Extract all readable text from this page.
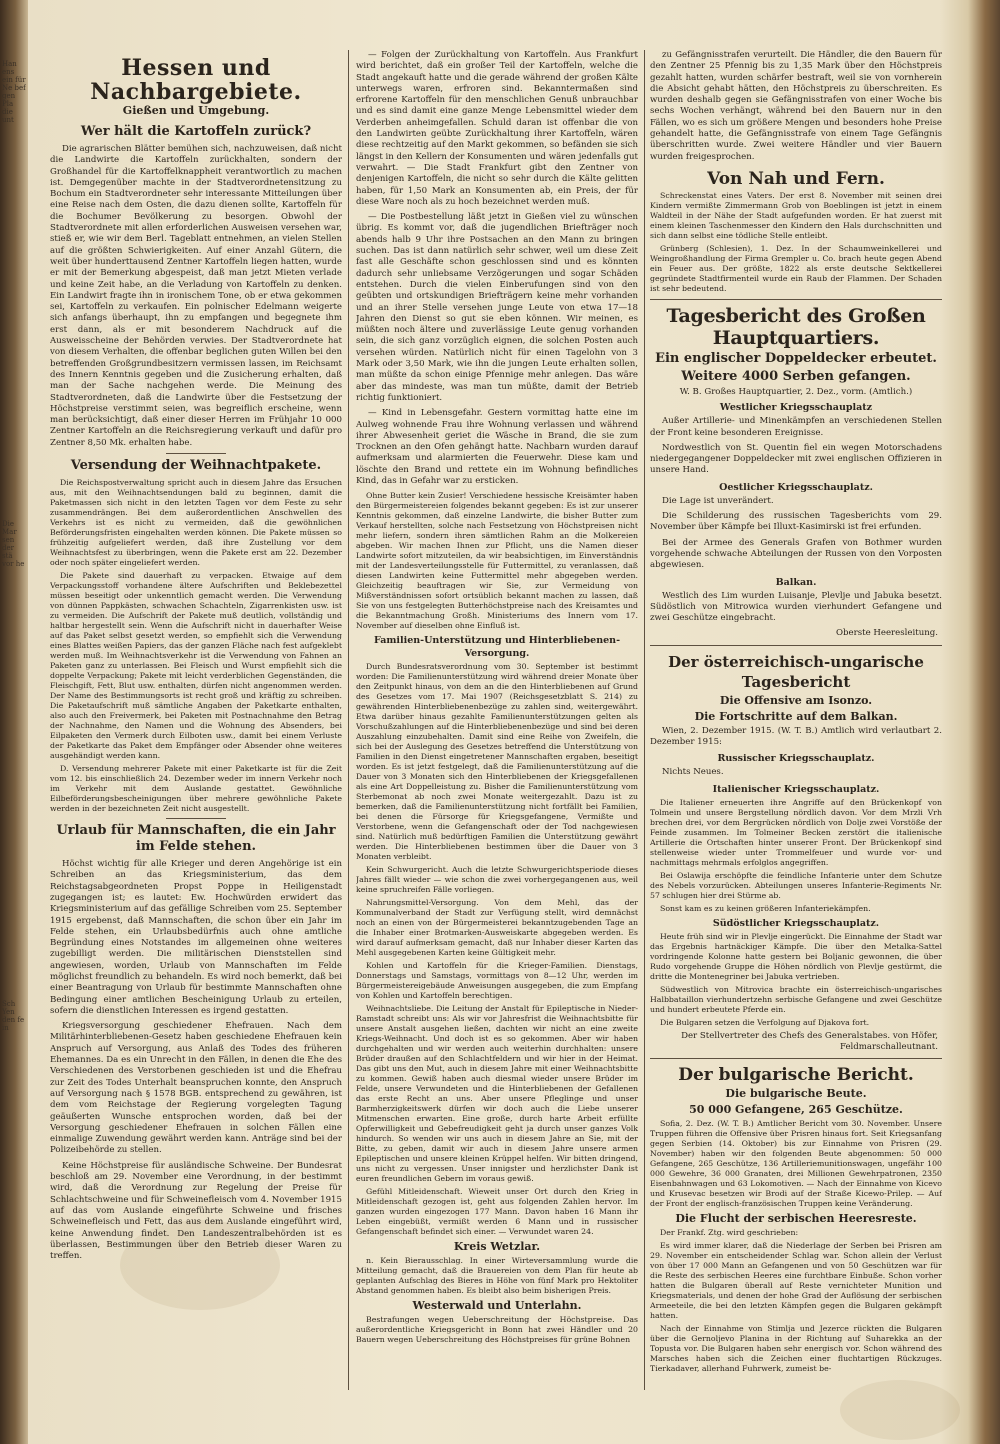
Han ens ein für Ne bef gen Pla die unt
Die Mar sen der stä vor he
Sch Yen den fe in
Hessen und Nachbargebiete.
Gießen und Umgebung.
Wer hält die Kartoffeln zurück?

Die agrarischen Blätter bemühen sich, nachzuweisen, daß nicht die Landwirte die Kartoffeln zurückhalten, sondern der Großhandel für die Kartoffelknappheit verantwortlich zu machen ist. Demgegenüber machte in der Stadtverordnetensitzung zu Bochum ein Stadtverordneter sehr interessante Mitteilungen über eine Reise nach dem Osten, die dazu dienen sollte, Kartoffeln für die Bochumer Bevölkerung zu besorgen. Obwohl der Stadtverordnete mit allen erforderlichen Ausweisen versehen war, stieß er, wie wir dem Berl. Tageblatt entnehmen, an vielen Stellen auf die größten Schwierigkeiten. Auf einer Anzahl Gütern, die weit über hunderttausend Zentner Kartoffeln liegen hatten, wurde er mit der Bemerkung abgespeist, daß man jetzt Mieten verlade und keine Zeit habe, an die Verladung von Kartoffeln zu denken. Ein Landwirt fragte ihn in ironischem Tone, ob er etwa gekommen sei, Kartoffeln zu verkaufen. Ein polnischer Edelmann weigerte sich anfangs überhaupt, ihn zu empfangen und begegnete ihm erst dann, als er mit besonderem Nachdruck auf die Ausweisscheine der Behörden verwies. Der Stadtverordnete hat von diesem Verhalten, die offenbar beglichen guten Willen bei den betreffenden Großgrundbesitzern vermissen lassen, im Reichsamt des Innern Kenntnis gegeben und die Zusicherung erhalten, daß man der Sache nachgehen werde. Die Meinung des Stadtverordneten, daß die Landwirte über die Festsetzung der Höchstpreise verstimmt seien, was begreiflich erscheine, wenn man berücksichtigt, daß einer dieser Herren im Frühjahr 10 000 Zentner Kartoffeln an die Reichsregierung verkauft und dafür pro Zentner 8,50 Mk. erhalten habe.

Versendung der Weihnachtpakete.

Die Reichspostverwaltung spricht auch in diesem Jahre das Ersuchen aus, mit den Weihnachtsendungen bald zu beginnen, damit die Paketmassen sich nicht in den letzten Tagen vor dem Feste zu sehr zusammendrängen. Bei dem außerordentlichen Anschwellen des Verkehrs ist es nicht zu vermeiden, daß die gewöhnlichen Beförderungsfristen eingehalten werden können. Die Pakete müssen so frühzeitig aufgeliefert werden, daß ihre Zustellung vor dem Weihnachtsfest zu überbringen, wenn die Pakete erst am 22. Dezember oder noch später eingeliefert werden.

Die Pakete sind dauerhaft zu verpacken. Etwaige auf dem Verpackungsstoff vorhandene ältere Aufschriften und Beklebezettel müssen beseitigt oder unkenntlich gemacht werden. Die Verwendung von dünnen Pappkästen, schwachen Schachteln, Zigarrenkisten usw. ist zu vermeiden. Die Aufschrift der Pakete muß deutlich, vollständig und haltbar hergestellt sein. Wenn die Aufschrift nicht in dauerhafter Weise auf das Paket selbst gesetzt werden, so empfiehlt sich die Verwendung eines Blattes weißen Papiers, das der ganzen Fläche nach fest aufgeklebt werden muß. Im Weihnachtsverkehr ist die Verwendung von Fahnen an Paketen ganz zu unterlassen. Bei Fleisch und Wurst empfiehlt sich die doppelte Verpackung; Pakete mit leicht verderblichen Gegenständen, die Fleischgift, Fett, Blut usw. enthalten, dürfen nicht angenommen werden. Der Name des Bestimmungsorts ist recht groß und kräftig zu schreiben. Die Paketaufschrift muß sämtliche Angaben der Paketkarte enthalten, also auch den Freivermerk, bei Paketen mit Postnachnahme den Betrag der Nachnahme, den Namen und die Wohnung des Absenders, bei Eilpaketen den Vermerk durch Eilboten usw., damit bei einem Verluste der Paketkarte das Paket dem Empfänger oder Absender ohne weiteres ausgehändigt werden kann.

D. Versendung mehrerer Pakete mit einer Paketkarte ist für die Zeit vom 12. bis einschließlich 24. Dezember weder im innern Verkehr noch im Verkehr mit dem Auslande gestattet. Gewöhnliche Eilbeförderungsbescheinigungen über mehrere gewöhnliche Pakete werden in der bezeichneten Zeit nicht ausgestellt.

Urlaub für Mannschaften, die ein Jahr im Felde stehen.

Höchst wichtig für alle Krieger und deren Angehörige ist ein Schreiben an das Kriegsministerium, das dem Reichstagsabgeordneten Propst Poppe in Heiligenstadt zugegangen ist; es lautet: Ew. Hochwürden erwidert das Kriegsministerium auf das gefällige Schreiben vom 25. September 1915 ergebenst, daß Mannschaften, die schon über ein Jahr im Felde stehen, ein Urlaubsbedürfnis auch ohne amtliche Begründung eines Notstandes im allgemeinen ohne weiteres zugebilligt werden. Die militärischen Dienststellen sind angewiesen, worden, Urlaub von Mannschaften im Felde möglichst freundlich zu behandeln. Es wird noch bemerkt, daß bei einer Beantragung von Urlaub für bestimmte Mannschaften ohne Bedingung einer amtlichen Bescheinigung Urlaub zu erteilen, sofern die dienstlichen Interessen es irgend gestatten.

Kriegsversorgung geschiedener Ehefrauen. Nach dem Militärhinterbliebenen-Gesetz haben geschiedene Ehefrauen kein Anspruch auf Versorgung, aus Anlaß des Todes des früheren Ehemannes. Da es ein Unrecht in den Fällen, in denen die Ehe des Verschiedenen des Verstorbenen geschieden ist und die Ehefrau zur Zeit des Todes Unterhalt beanspruchen konnte, den Anspruch auf Versorgung nach § 1578 BGB. entsprechend zu gewähren, ist dem vom Reichstage der Regierung vorgelegten Tagung geäußerten Wunsche entsprochen worden, daß bei der Versorgung geschiedener Ehefrauen in solchen Fällen eine einmalige Zuwendung gewährt werden kann. Anträge sind bei der Polizeibehörde zu stellen.

Keine Höchstpreise für ausländische Schweine. Der Bundesrat beschloß am 29. November eine Verordnung, in der bestimmt wird, daß die Verordnung zur Regelung der Preise für Schlachtschweine und für Schweinefleisch vom 4. November 1915 auf das vom Auslande eingeführte Schweine und frisches Schweinefleisch und Fett, das aus dem Auslande eingeführt wird, keine Anwendung findet. Den Landeszentralbehörden ist es überlassen, Bestimmungen über den Betrieb dieser Waren zu treffen.

— Folgen der Zurückhaltung von Kartoffeln. Aus Frankfurt wird berichtet, daß ein großer Teil der Kartoffeln, welche die Stadt angekauft hatte und die gerade während der großen Kälte unterwegs waren, erfroren sind. Bekanntermaßen sind erfrorene Kartoffeln für den menschlichen Genuß unbrauchbar und es sind damit eine ganze Menge Lebensmittel wieder dem Verderben anheimgefallen. Schuld daran ist offenbar die von den Landwirten geübte Zurückhaltung ihrer Kartoffeln, wären diese rechtzeitig auf den Markt gekommen, so befänden sie sich längst in den Kellern der Konsumenten und wären jedenfalls gut verwahrt. — Die Stadt Frankfurt gibt den Zentner von denjenigen Kartoffeln, die nicht so sehr durch die Kälte gelitten haben, für 1,50 Mark an Konsumenten ab, ein Preis, der für diese Ware noch als zu hoch bezeichnet werden muß.

— Die Postbestellung läßt jetzt in Gießen viel zu wünschen übrig. Es kommt vor, daß die jugendlichen Briefträger noch abends halb 9 Uhr ihre Postsachen an den Mann zu bringen suchen. Das ist dann natürlich sehr schwer, weil um diese Zeit fast alle Geschäfte schon geschlossen sind und es könnten dadurch sehr unliebsame Verzögerungen und sogar Schäden entstehen. Durch die vielen Einberufungen sind von den geübten und ortskundigen Briefträgern keine mehr vorhanden und an ihrer Stelle versehen junge Leute von etwa 17—18 Jahren den Dienst so gut sie eben können. Wir meinen, es müßten noch ältere und zuverlässige Leute genug vorhanden sein, die sich ganz vorzüglich eignen, die solchen Posten auch versehen würden. Natürlich nicht für einen Tagelohn von 3 Mark oder 3,50 Mark, wie ihn die jungen Leute erhalten sollen, man müßte da schon einige Pfennige mehr anlegen. Das wäre aber das mindeste, was man tun müßte, damit der Betrieb richtig funktioniert.

— Kind in Lebensgefahr. Gestern vormittag hatte eine im Aulweg wohnende Frau ihre Wohnung verlassen und während ihrer Abwesenheit geriet die Wäsche in Brand, die sie zum Trocknen an den Ofen gehängt hatte. Nachbarn wurden darauf aufmerksam und alarmierten die Feuerwehr. Diese kam und löschte den Brand und rettete ein im Wohnung befindliches Kind, das in Gefahr war zu ersticken.

Ohne Butter kein Zusier! Verschiedene hessische Kreisämter haben den Bürgermeistereien folgendes bekannt gegeben: Es ist zur unserer Kenntnis gekommen, daß einzelne Landwirte, die bisher Butter zum Verkauf herstellten, solche nach Festsetzung von Höchstpreisen nicht mehr liefern, sondern ihren sämtlichen Rahm an die Molkereien abgeben. Wir machen Ihnen zur Pflicht, uns die Namen dieser Landwirte sofort mitzuteilen, da wir beabsichtigen, im Einverständnis mit der Landesverteilungsstelle für Futtermittel, zu veranlassen, daß diesen Landwirten keine Futtermittel mehr abgegeben werden. Gleichzeitig beauftragen wir Sie, zur Vermeidung von Mißverständnissen sofort ortsüblich bekannt machen zu lassen, daß Sie von uns festgelegten Butterhöchstpreise nach des Kreisamtes und die Bekanntmachung Großh. Ministeriums des Innern vom 17. November auf dieselben ohne Einfluß ist.

Familien-Unterstützung und Hinterbliebenen-Versorgung.

Durch Bundesratsverordnung vom 30. September ist bestimmt worden: Die Familienunterstützung wird während dreier Monate über den Zeitpunkt hinaus, von dem an die den Hinterbliebenen auf Grund des Gesetzes vom 17. Mai 1907 (Reichsgesetzblatt S. 214) zu gewährenden Hinterbliebenenbezüge zu zahlen sind, weitergewährt. Etwa darüber hinaus gezahlte Familienunterstützungen gelten als Vorschußzahlungen auf die Hinterbliebenenbezüge und sind bei deren Auszahlung einzubehalten. Damit sind eine Reihe von Zweifeln, die sich bei der Auslegung des Gesetzes betreffend die Unterstützung von Familien in den Dienst eingetretener Mannschaften ergaben, beseitigt worden. Es ist jetzt festgelegt, daß die Familienunterstützung auf die Dauer von 3 Monaten sich den Hinterbliebenen der Kriegsgefallenen als eine Art Doppelleistung zu. Bisher die Familienunterstützung vom Sterbemonat ab noch zwei Monate weitergezahlt. Dazu ist zu bemerken, daß die Familienunterstützung nicht fortfällt bei Familien, bei denen die Fürsorge für Kriegsgefangene, Vermißte und Verstorbene, wenn die Gefangenschaft oder der Tod nachgewiesen sind. Natürlich muß bedürftigen Familien die Unterstützung gewährt werden. Die Hinterbliebenen bestimmen über die Dauer von 3 Monaten verbleibt.

Kein Schwurgericht. Auch die letzte Schwurgerichtsperiode dieses Jahres fällt wieder — wie schon die zwei vorhergegangenen aus, weil keine spruchreifen Fälle vorliegen.

Nahrungsmittel-Versorgung. Von dem Mehl, das der Kommunalverband der Stadt zur Verfügung stellt, wird demnächst noch an einen von der Bürgermeisterei bekanntzugebenden Tage an die Inhaber einer Brotmarken-Ausweiskarte abgegeben werden. Es wird darauf aufmerksam gemacht, daß nur Inhaber dieser Karten das Mehl ausgegebenen Karten keine Gültigkeit mehr.

Kohlen und Kartoffeln für die Krieger-Familien. Dienstags, Donnerstags und Samstags, vormittags von 8—12 Uhr, werden im Bürgermeistereigebäude Anweisungen ausgegeben, die zum Empfang von Kohlen und Kartoffeln berechtigen.

Weihnachtsliebe. Die Leitung der Anstalt für Epileptische in Nieder-Ramstadt schreibt uns: Als wir vor Jahresfrist die Weihnachtsbitte für unsere Anstalt ausgehen ließen, dachten wir nicht an eine zweite Kriegs-Weihnacht. Und doch ist es so gekommen. Aber wir haben durchgehalten und wir werden auch weiterhin durchhalten: unsere Brüder draußen auf den Schlachtfeldern und wir hier in der Heimat. Das gibt uns den Mut, auch in diesem Jahre mit einer Weihnachtsbitte zu kommen. Gewiß haben auch diesmal wieder unsere Brüder im Felde, unsere Verwundeten und die Hinterbliebenen der Gefallenen das erste Recht an uns. Aber unsere Pfleglinge und unser Barmherzigkeitswerk dürfen wir doch auch die Liebe unserer Mitmenschen erwarten. Eine große, durch harte Arbeit erfüllte Opferwilligkeit und Gebefreudigkeit geht ja durch unser ganzes Volk hindurch. So wenden wir uns auch in diesem Jahre an Sie, mit der Bitte, zu geben, damit wir auch in diesem Jahre unsere armen Epileptischen und unsere kleinen Krüppel helfen. Wir bitten dringend, uns nicht zu vergessen. Unser innigster und herzlichster Dank ist euren freundlichen Gebern im voraus gewiß.

Gefühl Mitleidenschaft. Wieweit unser Ort durch den Krieg in Mitleidenschaft gezogen ist, geht aus folgenden Zahlen hervor. Im ganzen wurden eingezogen 177 Mann. Davon haben 16 Mann ihr Leben eingebüßt, vermißt werden 6 Mann und in russischer Gefangenschaft befindet sich einer. — Verwundet waren 24.

Kreis Wetzlar.

n. Kein Bierausschlag. In einer Wirteversammlung wurde die Mitteilung gemacht, daß die Brauereien von dem Plan für heute ab geplanten Aufschlag des Bieres in Höhe von fünf Mark pro Hektoliter Abstand genommen haben. Es bleibt also beim bisherigen Preis.

Westerwald und Unterlahn.

Bestrafungen wegen Ueberschreitung der Höchstpreise. Das außerordentliche Kriegsgericht in Bonn hat zwei Händler und 20 Bauern wegen Ueberschreitung des Höchstpreises für grüne Bohnen

zu Gefängnisstrafen verurteilt. Die Händler, die den Bauern für den Zentner 25 Pfennig bis zu 1,35 Mark über den Höchstpreis gezahlt hatten, wurden schärfer bestraft, weil sie von vornherein die Absicht gehabt hätten, den Höchstpreis zu überschreiten. Es wurden deshalb gegen sie Gefängnisstrafen von einer Woche bis sechs Wochen verhängt, während bei den Bauern nur in den Fällen, wo es sich um größere Mengen und besonders hohe Preise gehandelt hatte, die Gefängnisstrafe von einem Tage Gefängnis überschritten wurde. Zwei weitere Händler und vier Bauern wurden freigesprochen.

Von Nah und Fern.

Schreckenstat eines Vaters. Der erst 8. November mit seinen drei Kindern vermißte Zimmermann Grob von Boeblingen ist jetzt in einem Waldteil in der Nähe der Stadt aufgefunden worden. Er hat zuerst mit einem kleinen Taschenmesser den Kindern den Hals durchschnitten und sich dann selbst eine tödliche Stelle entleibt.

Grünberg (Schlesien), 1. Dez. In der Schaumweinkellerei und Weingroßhandlung der Firma Grempler u. Co. brach heute gegen Abend ein Feuer aus. Der größte, 1822 als erste deutsche Sektkellerei gegründete Stadtfirmenteil wurde ein Raub der Flammen. Der Schaden ist sehr bedeutend.

Tagesbericht des Großen Hauptquartiers.
Ein englischer Doppeldecker erbeutet.
Weitere 4000 Serben gefangen.
W. B. Großes Hauptquartier, 2. Dez., vorm. (Amtlich.)
Westlicher Kriegsschauplatz

Außer Artillerie- und Minenkämpfen an verschiedenen Stellen der Front keine besonderen Ereignisse.

Nordwestlich von St. Quentin fiel ein wegen Motorschadens niedergegangener Doppeldecker mit zwei englischen Offizieren in unsere Hand.

Oestlicher Kriegsschauplatz.

Die Lage ist unverändert.

Die Schilderung des russischen Tagesberichts vom 29. November über Kämpfe bei Illuxt-Kasimirski ist frei erfunden.

Bei der Armee des Generals Grafen von Bothmer wurden vorgehende schwache Abteilungen der Russen von den Vorposten abgewiesen.

Balkan.

Westlich des Lim wurden Luisanje, Plevlje und Jabuka besetzt. Südöstlich von Mitrowica wurden vierhundert Gefangene und zwei Geschütze eingebracht.

Oberste Heeresleitung.
Der österreichisch-ungarische Tagesbericht
Die Offensive am Isonzo.
Die Fortschritte auf dem Balkan.

Wien, 2. Dezember 1915. (W. T. B.) Amtlich wird verlautbart 2. Dezember 1915:

Russischer Kriegsschauplatz.

Nichts Neues.

Italienischer Kriegsschauplatz.

Die Italiener erneuerten ihre Angriffe auf den Brückenkopf von Tolmein und unsere Bergstellung nördlich davon. Vor dem Mrzli Vrh brechen drei, vor dem Bergrücken nördlich von Dolje zwei Vorstöße der Feinde zusammen. Im Tolmeiner Becken zerstört die italienische Artillerie die Ortschaften hinter unserer Front. Der Brückenkopf sind stellenweise wieder unter Trommelfeuer und wurde vor- und nachmittags mehrmals erfolglos angegriffen.

Bei Oslawija erschöpfte die feindliche Infanterie unter dem Schutze des Nebels vorzurücken. Abteilungen unseres Infanterie-Regiments Nr. 57 schlugen hier drei Stürme ab.

Sonst kam es zu keinen größeren Infanteriekämpfen.

Südöstlicher Kriegsschauplatz.

Heute früh sind wir in Plevlje eingerückt. Die Einnahme der Stadt war das Ergebnis hartnäckiger Kämpfe. Die über den Metalka-Sattel vordringende Kolonne hatte gestern bei Boljanic gewonnen, die über Rudo vorgehende Gruppe die Höhen nördlich von Plevlje gestürmt, die dritte die Montenegriner bei Jabuka vertrieben.

Südwestlich von Mitrovica brachte ein österreichisch-ungarisches Halbbataillon vierhundertzehn serbische Gefangene und zwei Geschütze und hundert erbeutete Pferde ein.

Die Bulgaren setzen die Verfolgung auf Djakova fort.

Der Stellvertreter des Chefs des Generalstabes. von Höfer, Feldmarschalleutnant.
Der bulgarische Bericht.
Die bulgarische Beute.
50 000 Gefangene, 265 Geschütze.

Sofia, 2. Dez. (W. T. B.) Amtlicher Bericht vom 30. November. Unsere Truppen führen die Offensive über Prisren hinaus fort. Seit Kriegsanfang gegen Serbien (14. Oktober) bis zur Einnahme von Prisren (29. November) haben wir den folgenden Beute abgenommen: 50 000 Gefangene, 265 Geschütze, 136 Artilleriemunitionswagen, ungefähr 100 000 Gewehre, 36 000 Granaten, drei Millionen Gewehrpatronen, 2350 Eisenbahnwagen und 63 Lokomotiven. — Nach der Einnahme von Kicevo und Krusevac besetzen wir Brodi auf der Straße Kicewo-Prilep. — Auf der Front der englisch-französischen Truppen keine Veränderung.

Die Flucht der serbischen Heeresreste.

Der Frankf. Ztg. wird geschrieben:

Es wird immer klarer, daß die Niederlage der Serben bei Prisren am 29. November ein entscheidender Schlag war. Schon allein der Verlust von über 17 000 Mann an Gefangenen und von 50 Geschützen war für die Reste des serbischen Heeres eine furchtbare Einbuße. Schon vorher hatten die Bulgaren überall auf Reste vernichteter Munition und Kriegsmaterials, und denen der hohe Grad der Auflösung der serbischen Armeeteile, die bei den letzten Kämpfen gegen die Bulgaren gekämpft hatten.

Nach der Einnahme von Stimlja und Jezerce rückten die Bulgaren über die Gernoljevo Planina in der Richtung auf Suharekka an der Topusta vor. Die Bulgaren haben sehr energisch vor. Schon während des Marsches haben sich die Zeichen einer fluchtartigen Rückzuges. Tierkadaver, allerhand Fuhrwerk, zumeist be-
